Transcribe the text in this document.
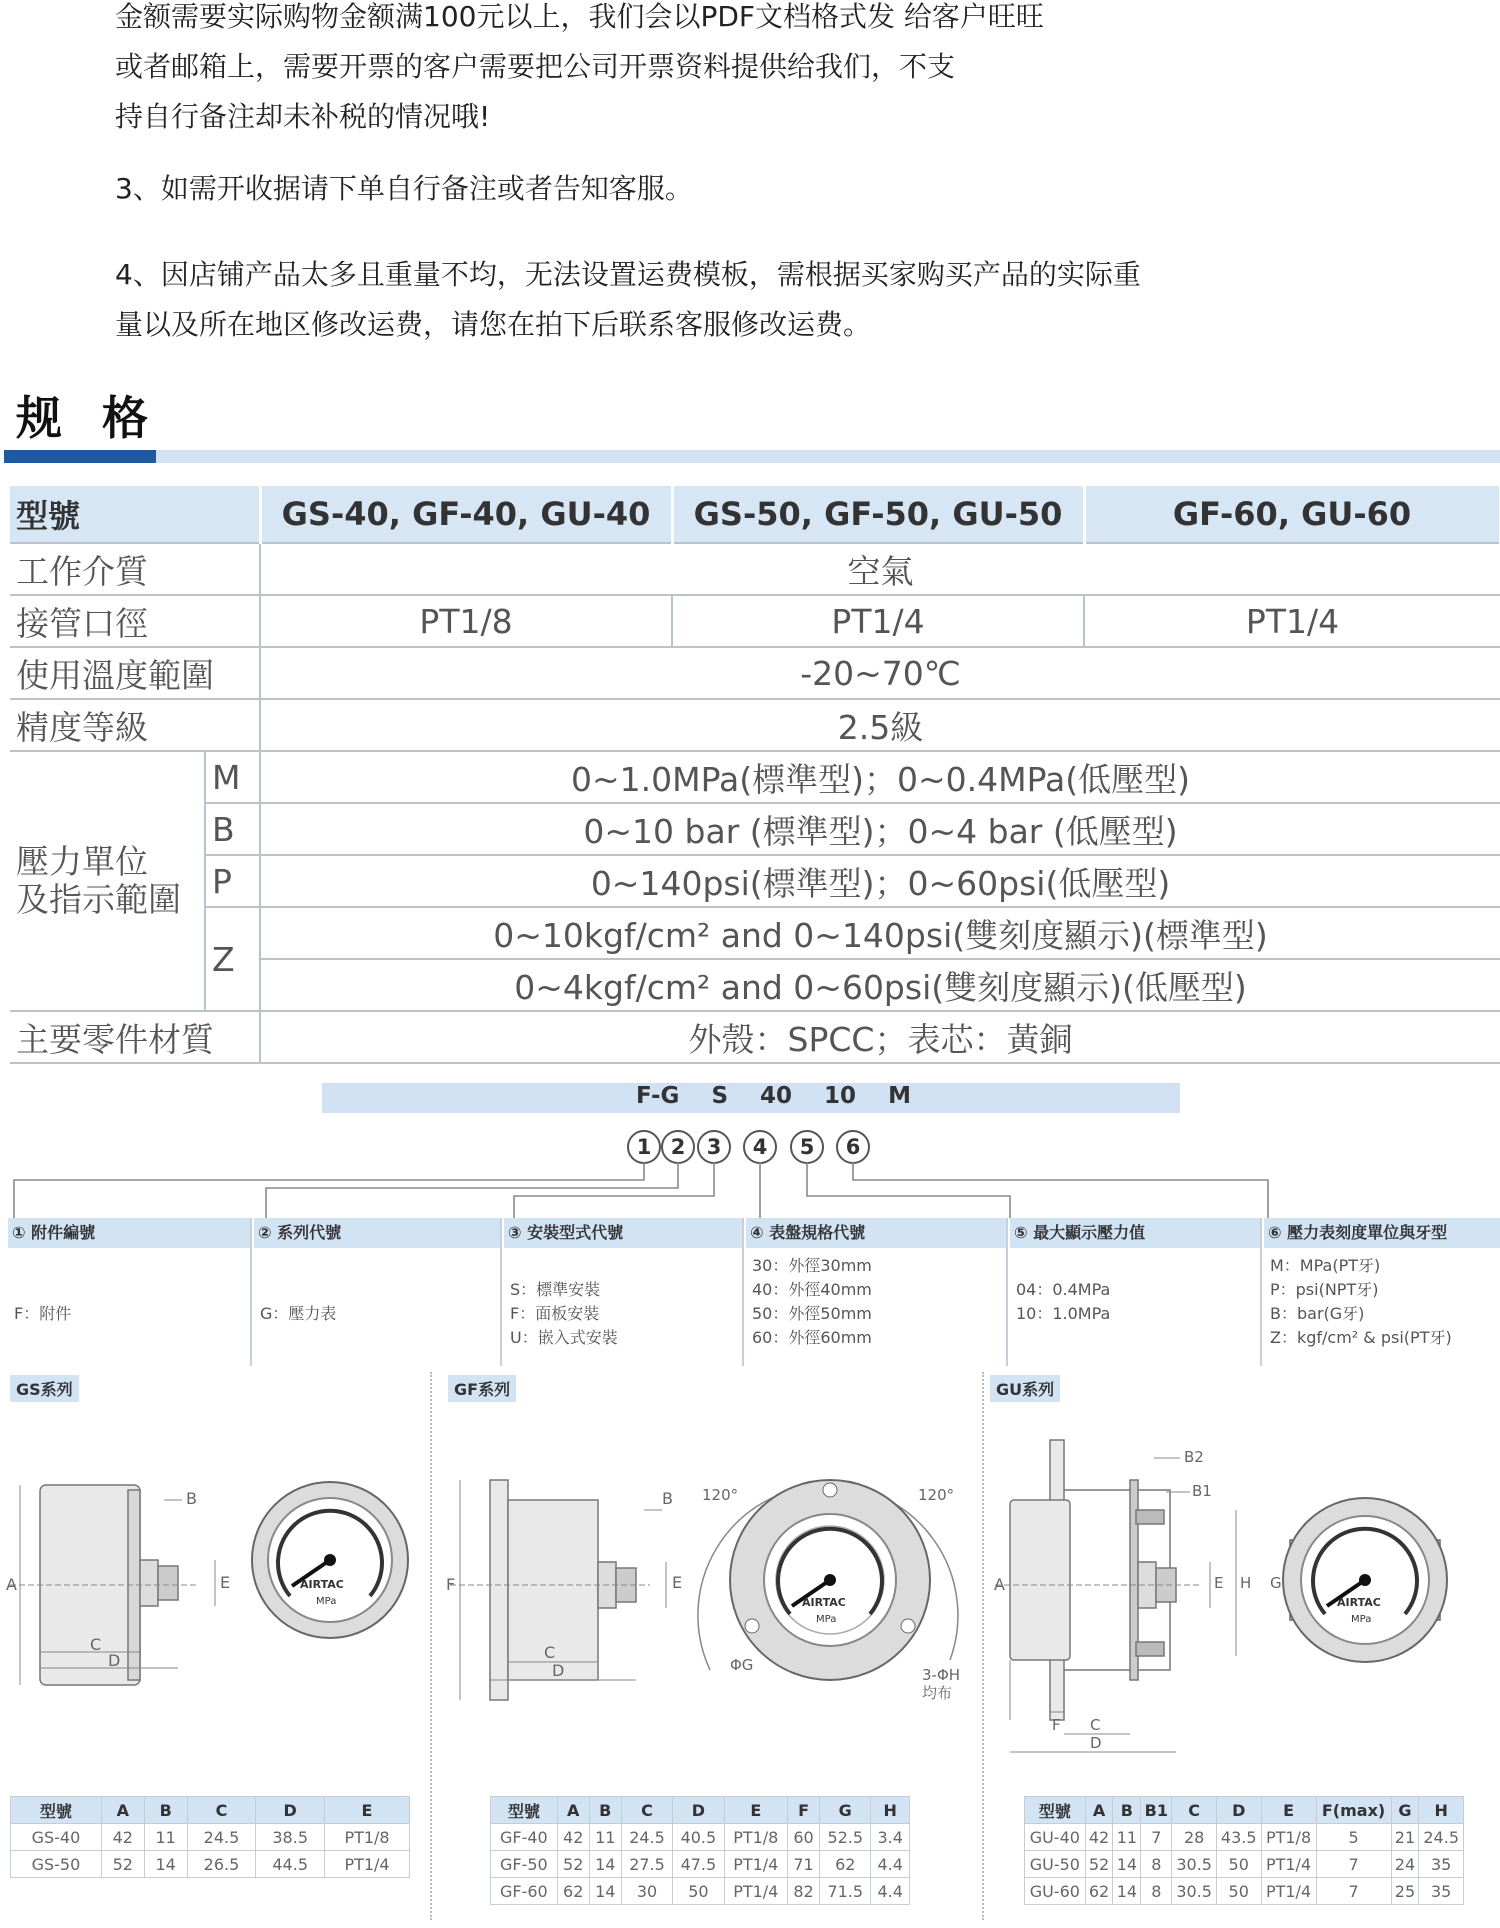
金额需要实际购物金额满100元以上，我们会以PDF文档格式发 给客户旺旺

或者邮箱上，需要开票的客户需要把公司开票资料提供给我们，不支

持自行备注却未补税的情况哦!

3、如需开收据请下单自行备注或者告知客服。

4、因店铺产品太多且重量不均，无法设置运费模板，需根据买家购买产品的实际重

量以及所在地区修改运费，请您在拍下后联系客服修改运费。

规 格
型號		GS-40, GF-40, GU-40	GS-50, GF-50, GU-50	GF-60, GU-60
工作介質		空氣		
接管口徑		PT1/8	PT1/4	PT1/4
使用溫度範圍		-20~70℃		
精度等級		2.5級		

壓力單位
及指示範圍	M	0~1.0MPa(標準型)；0~0.4MPa(低壓型)		
	B	0~10 bar (標準型)；0~4 bar (低壓型)		
	P	0~140psi(標準型)；0~60psi(低壓型)		
	Z	0~10kgf/cm² and 0~140psi(雙刻度顯示)(標準型)		
		0~4kgf/cm² and 0~60psi(雙刻度顯示)(低壓型)		
主要零件材質		外殼：SPCC；表芯：黃銅		
F-G  S  40  10  M
1 2	3	4	5	6
① 附件編號

F：附件
② 系列代號

G：壓力表
③ 安裝型式代號

S：標準安裝
F：面板安裝
U：嵌入式安裝
④ 表盤規格代號
30：外徑30mm
40：外徑40mm
50：外徑50mm
60：外徑60mm
⑤ 最大顯示壓力值

04：0.4MPa
10：1.0MPa
⑥ 壓力表刻度單位與牙型
M：MPa(PT牙)
P：psi(NPT牙)
B：bar(G牙)
Z：kgf/cm² & psi(PT牙)
GS系列	GF系列	GU系列
A
B
C
D
E	AIRTAC
MPa
F
B
C
D
E
120°	120°
ΦG
3-ΦH
均布
AIRTAC
MPa
A
B2
B1
F C
D
E H G
AIRTAC
MPa
型號	A	B	C	D	E
GS-40	42	11	24.5	38.5	PT1/8
GS-50	52	14	26.5	44.5	PT1/4
型號	A	B	C	D	E	F	G	H
GF-40	42	11	24.5	40.5	PT1/8	60	52.5	3.4
GF-50	52	14	27.5	47.5	PT1/4	71	62	4.4
GF-60	62	14	30	50	PT1/4	82	71.5	4.4
型號	A	B	B1	C	D	E	F(max)	G	H
GU-40	42	11	7	28	43.5	PT1/8	5	21	24.5
GU-50	52	14	8	30.5	50	PT1/4	7	24	35
GU-60	62	14	8	30.5	50	PT1/4	7	25	35
